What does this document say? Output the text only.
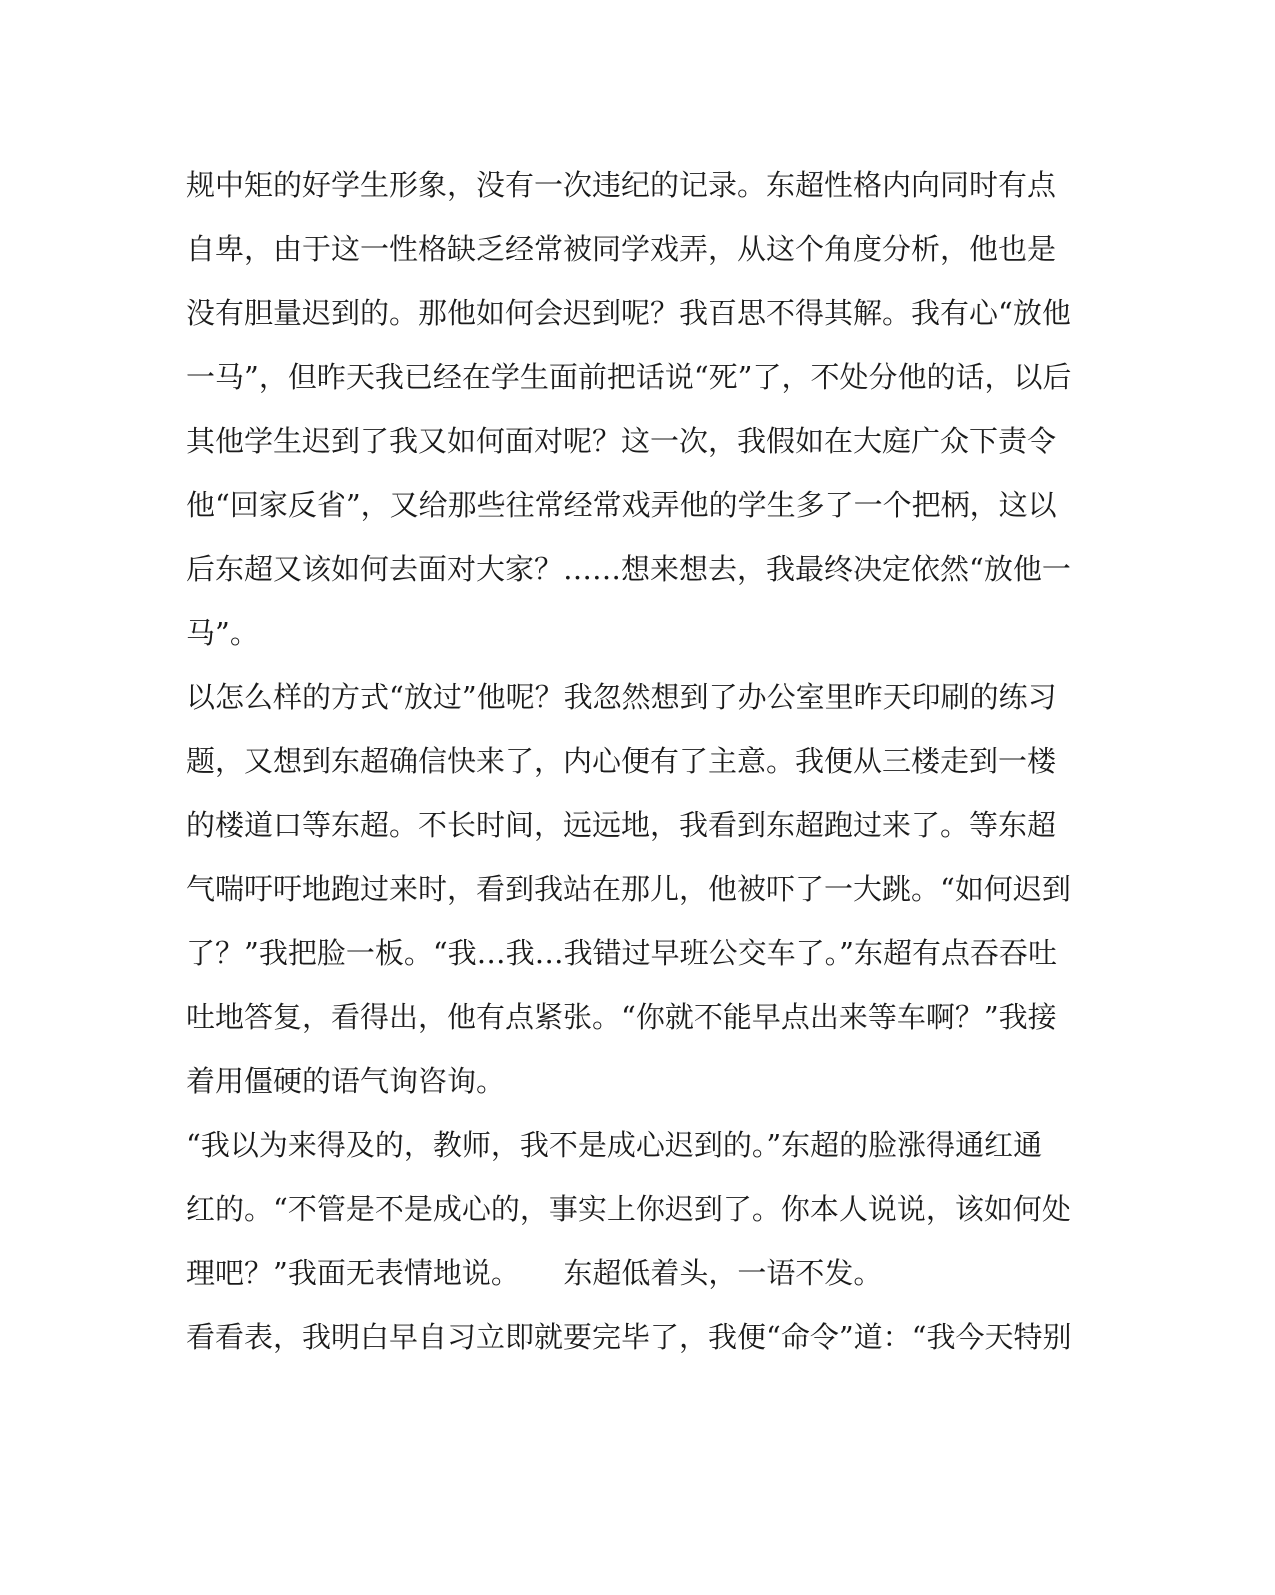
规中矩的好学生形象，没有一次违纪的记录。东超性格内向同时有点
自卑，由于这一性格缺乏经常被同学戏弄，从这个角度分析，他也是
没有胆量迟到的。那他如何会迟到呢？我百思不得其解。我有心“放他
一马”，但昨天我已经在学生面前把话说“死”了，不处分他的话，以后
其他学生迟到了我又如何面对呢？这一次，我假如在大庭广众下责令
他“回家反省”，又给那些往常经常戏弄他的学生多了一个把柄，这以
后东超又该如何去面对大家？……想来想去，我最终决定依然“放他一
马”。
以怎么样的方式“放过”他呢？我忽然想到了办公室里昨天印刷的练习
题，又想到东超确信快来了，内心便有了主意。我便从三楼走到一楼
的楼道口等东超。不长时间，远远地，我看到东超跑过来了。等东超
气喘吁吁地跑过来时，看到我站在那儿，他被吓了一大跳。“如何迟到
了？”我把脸一板。“我…我…我错过早班公交车了。”东超有点吞吞吐
吐地答复，看得出，他有点紧张。“你就不能早点出来等车啊？”我接
着用僵硬的语气询咨询。
“我以为来得及的，教师，我不是成心迟到的。”东超的脸涨得通红通
红的。“不管是不是成心的，事实上你迟到了。你本人说说，该如何处
理吧？”我面无表情地说。　　东超低着头，一语不发。
看看表，我明白早自习立即就要完毕了，我便“命令”道：“我今天特别
